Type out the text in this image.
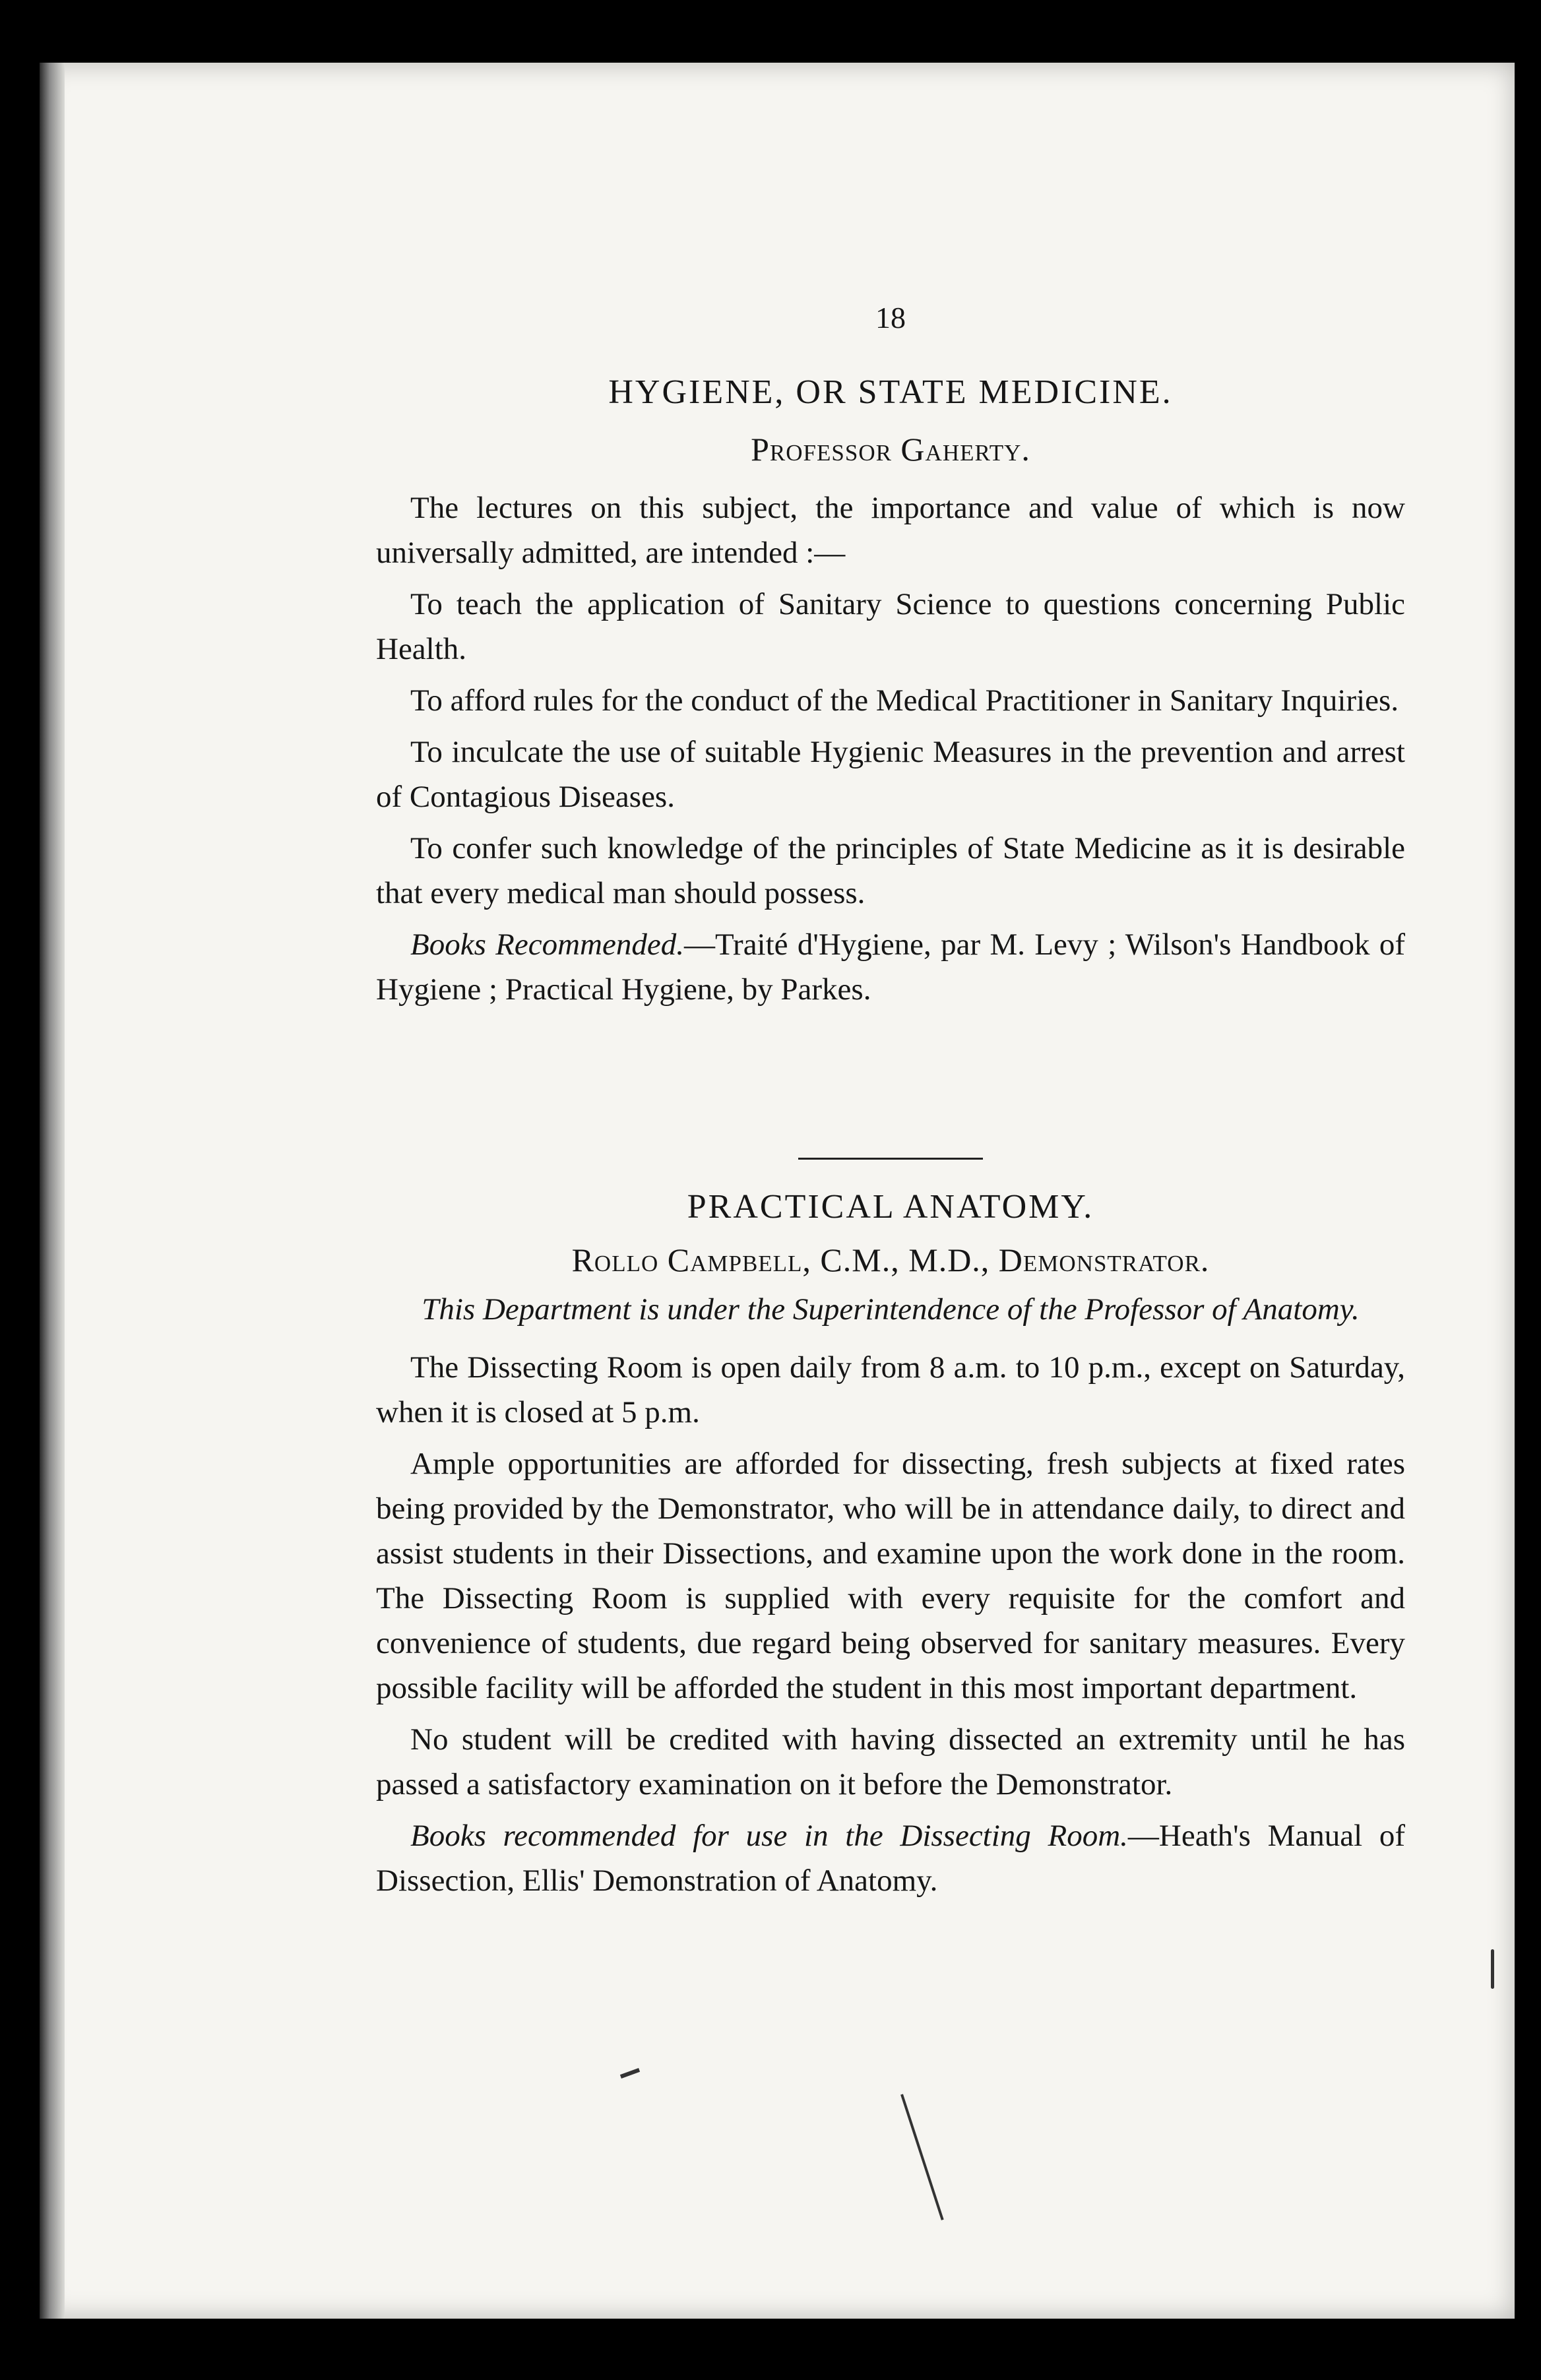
18

HYGIENE, OR STATE MEDICINE.

Professor Gaherty.

The lectures on this subject, the importance and value of which is now universally admitted, are intended :—

To teach the application of Sanitary Science to questions concerning Public Health.

To afford rules for the conduct of the Medical Practitioner in Sanitary Inquiries.

To inculcate the use of suitable Hygienic Measures in the prevention and arrest of Contagious Diseases.

To confer such knowledge of the principles of State Medicine as it is desirable that every medical man should possess.

Books Recommended.—Traité d'Hygiene, par M. Levy ; Wilson's Handbook of Hygiene ; Practical Hygiene, by Parkes.

PRACTICAL ANATOMY.

Rollo Campbell, C.M., M.D., Demonstrator.

This Department is under the Superintendence of the Professor of Anatomy.

The Dissecting Room is open daily from 8 a.m. to 10 p.m., except on Saturday, when it is closed at 5 p.m.

Ample opportunities are afforded for dissecting, fresh subjects at fixed rates being provided by the Demonstrator, who will be in attendance daily, to direct and assist students in their Dissections, and examine upon the work done in the room. The Dissecting Room is supplied with every requisite for the comfort and convenience of students, due regard being observed for sanitary measures. Every possible facility will be afforded the student in this most important department.

No student will be credited with having dissected an extremity until he has passed a satisfactory examination on it before the Demonstrator.

Books recommended for use in the Dissecting Room.—Heath's Manual of Dissection, Ellis' Demonstration of Anatomy.
